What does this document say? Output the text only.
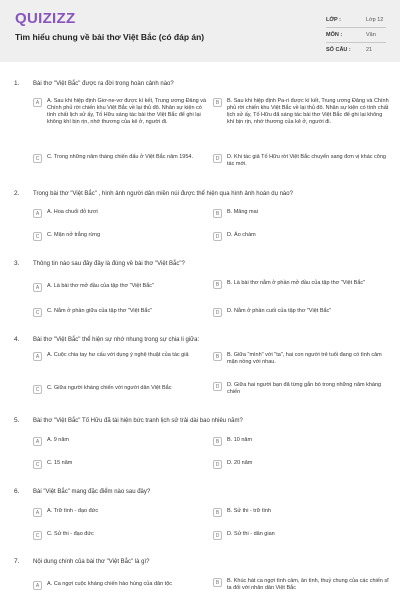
QUIZIZZ
Tìm hiểu chung về bài thơ Việt Bắc (có đáp án)
LỚP :	Lớp 12
MÔN :	Văn
SỐ CÂU :	21
1. Bài thơ "Việt Bắc" được ra đời trong hoàn cảnh nào?
A	A. Sau khi hiệp định Giơ-ne-vơ được kí kết, Trung ương Đảng và Chính phủ rời chiến khu Việt Bắc về lại thủ đô. Nhân sự kiện có tính chất lịch sử ấy, Tố Hữu sáng tác bài thơ Việt Bắc để ghi lại không khí bịn rịn, nhớ thương của kẻ ở, người đi.
B	B. Sau khi hiệp định Pa-ri được kí kết, Trung ương Đảng và Chính phủ rời chiến khu Việt Bắc về lại thủ đô. Nhân sự kiện có tính chất lịch sử ấy, Tố Hữu đã sáng tác bài thơ Việt Bắc để ghi lại không khí bịn rịn, nhớ thương của kẻ ở, người đi.
C	C. Trong những năm tháng chiến đấu ở Việt Bắc năm 1954.	D	D. Khi tác giả Tố Hữu rời Việt Bắc chuyển sang đơn vị khác công tác mới.
2. Trong bài thơ "Việt Bắc" , hình ảnh người dân miền núi được thể hiện qua hình ảnh hoán dụ nào?
A	A. Hoa chuối đỏ tươi	B	B. Măng mai
C	C. Mận nở trắng rừng	D	D. Áo chàm
3. Thông tin nào sau đây đây là đúng về bài thơ "Việt Bắc"?
A	A. Là bài thơ mở đầu của tập thơ "Việt Bắc"	B	B. Là bài thơ nằm ở phần mở đầu của tập thơ "Việt Bắc"
C	C. Nằm ở phần giữa của tập thơ "Việt Bắc"	D	D. Nằm ở phần cuối của tập thơ "Việt Bắc"
4. Bài thơ "Việt Bắc" thể hiện sự nhớ nhung trong sự chia li giữa:
A	A. Cuộc chia tay hư cấu với dụng ý nghệ thuật của tác giả	B	B. Giữa "mình" với "ta", hai con người trẻ tuổi đang có tình cảm mặn nồng với nhau.
C	C. Giữa người kháng chiến với người dân Việt Bắc	D	D. Giữa hai người bạn đã từng gắn bó trong những năm kháng chiến
5. Bài thơ "Việt Bắc" Tố Hữu đã tái hiện bức tranh lịch sử trải dài bao nhiêu năm?
A	A. 9 năm	B	B. 10 năm
C	C. 15 năm	D	D. 20 năm
6. Bài "Việt Bắc" mang đặc điểm nào sau đây?
A	A. Trữ tình - đạo đức	B	B. Sử thi - trữ tình
C	C. Sử thi - đạo đức	D	D. Sử thi - dân gian
7. Nội dung chính của bài thơ "Việt Bắc" là gì?
A	A. Ca ngợi cuộc kháng chiến hào hùng của dân tộc	B	B. Khúc hát ca ngợi tình cảm, ân tình, thuỷ chung của các chiến sĩ ta đối với nhân dân Việt Bắc
